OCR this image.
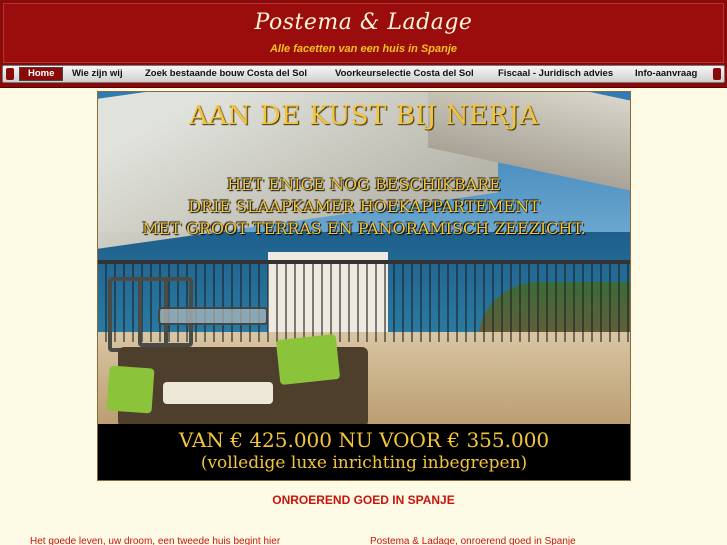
Postema & Ladage
Alle facetten van een huis in Spanje
Home	Wie zijn wij Zoek bestaande bouw Costa del Sol	Voorkeurselectie Costa del Sol	Fiscaal - Juridisch advies Info-aanvraag
AAN DE KUST BIJ NERJA
HET ENIGE NOG BESCHIKBARE
DRIE SLAAPKAMER HOEKAPPARTEMENT
MET GROOT TERRAS EN PANORAMISCH ZEEZICHT.
VAN € 425.000 NU VOOR € 355.000
(volledige luxe inrichting inbegrepen)
ONROEREND GOED IN SPANJE
Het goede leven, uw droom, een tweede huis begint hier	Postema & Ladage, onroerend goed in Spanje
